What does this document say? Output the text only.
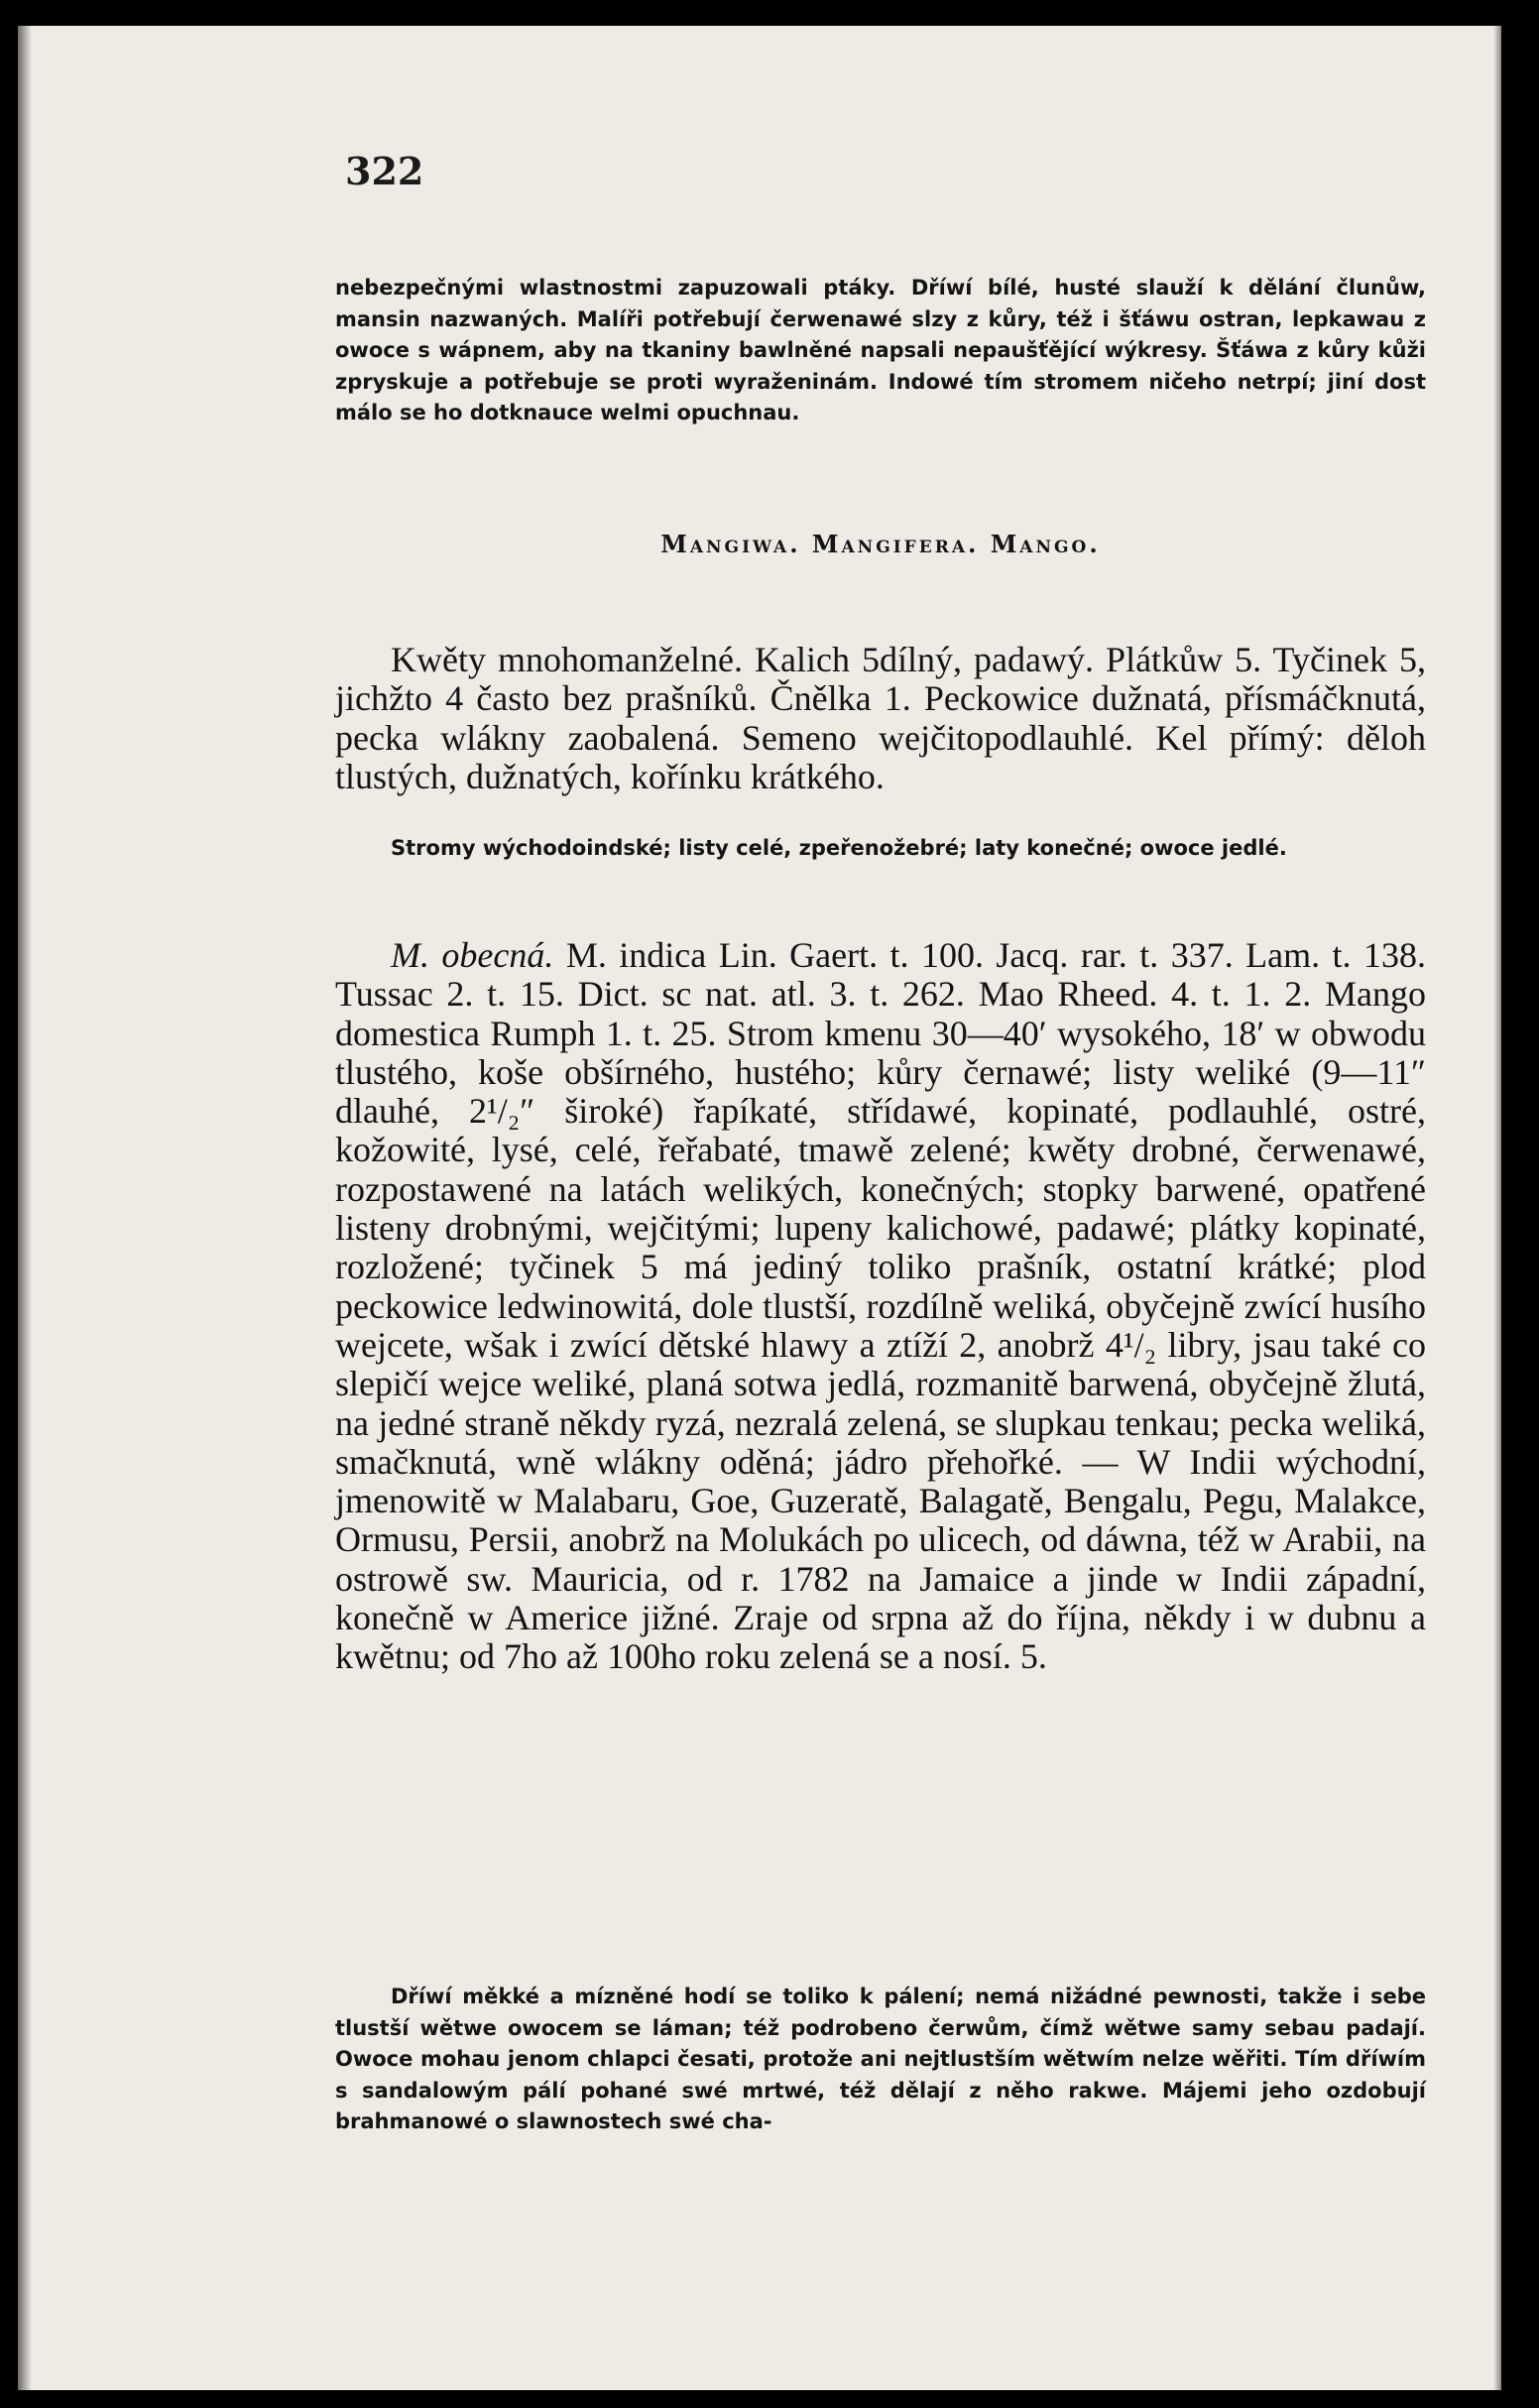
322

nebezpečnými wlastnostmi zapuzowali ptáky. Dříwí bílé, husté slauží k dělání člunůw, mansin nazwaných. Malíři potřebují čerwenawé slzy z kůry, též i šťáwu ostran, lepkawau z owoce s wápnem, aby na tkaniny bawlněné napsali nepaušťějící wýkresy. Šťáwa z kůry kůži zpryskuje a potřebuje se proti wyraženinám. Indowé tím stromem ničeho netrpí; jiní dost málo se ho dotknauce welmi opuchnau.

Mangiwa. Mangifera. Mango.

Kwěty mnohomanželné. Kalich 5dílný, padawý. Plátkůw 5. Tyčinek 5, jichžto 4 často bez prašníků. Čnělka 1. Peckowice dužnatá, přísmáčknutá, pecka wlákny zaobalená. Semeno wejčitopodlauhlé. Kel přímý: děloh tlustých, dužnatých, kořínku krátkého.

Stromy wýchodoindské; listy celé, zpeřenožebré; laty konečné; owoce jedlé.

M. obecná. M. indica Lin. Gaert. t. 100. Jacq. rar. t. 337. Lam. t. 138. Tussac 2. t. 15. Dict. sc nat. atl. 3. t. 262. Mao Rheed. 4. t. 1. 2. Mango domestica Rumph 1. t. 25. Strom kmenu 30—40′ wysokého, 18′ w obwodu tlustého, koše obšírného, hustého; kůry černawé; listy weliké (9—11″ dlauhé, 2¹/₂″ široké) řapíkaté, střídawé, kopinaté, podlauhlé, ostré, kožowité, lysé, celé, řeřabaté, tmawě zelené; kwěty drobné, čerwenawé, rozpostawené na latách welikých, konečných; stopky barwené, opatřené listeny drobnými, wejčitými; lupeny kalichowé, padawé; plátky kopinaté, rozložené; tyčinek 5 má jediný toliko prašník, ostatní krátké; plod peckowice ledwinowitá, dole tlustší, rozdílně weliká, obyčejně zwící husího wejcete, wšak i zwící dětské hlawy a ztíží 2, anobrž 4¹/₂ libry, jsau také co slepičí wejce weliké, planá sotwa jedlá, rozmanitě barwená, obyčejně žlutá, na jedné straně někdy ryzá, nezralá zelená, se slupkau tenkau; pecka weliká, smačknutá, wně wlákny oděná; jádro přehořké. — W Indii wýchodní, jmenowitě w Malabaru, Goe, Guzeratě, Balagatě, Bengalu, Pegu, Malakce, Ormusu, Persii, anobrž na Molukách po ulicech, od dáwna, též w Arabii, na ostrowě sw. Mauricia, od r. 1782 na Jamaice a jinde w Indii západní, konečně w Americe jižné. Zraje od srpna až do října, někdy i w dubnu a kwětnu; od 7ho až 100ho roku zelená se a nosí. 5.

Dříwí měkké a mízněné hodí se toliko k pálení; nemá nižádné pewnosti, takže i sebe tlustší wětwe owocem se láman; též podrobeno čerwům, čímž wětwe samy sebau padají. Owoce mohau jenom chlapci česati, protože ani nejtlustším wětwím nelze wěřiti. Tím dříwím s sandalowým pálí pohané swé mrtwé, též dělají z něho rakwe. Májemi jeho ozdobují brahmanowé o slawnostech swé cha-
